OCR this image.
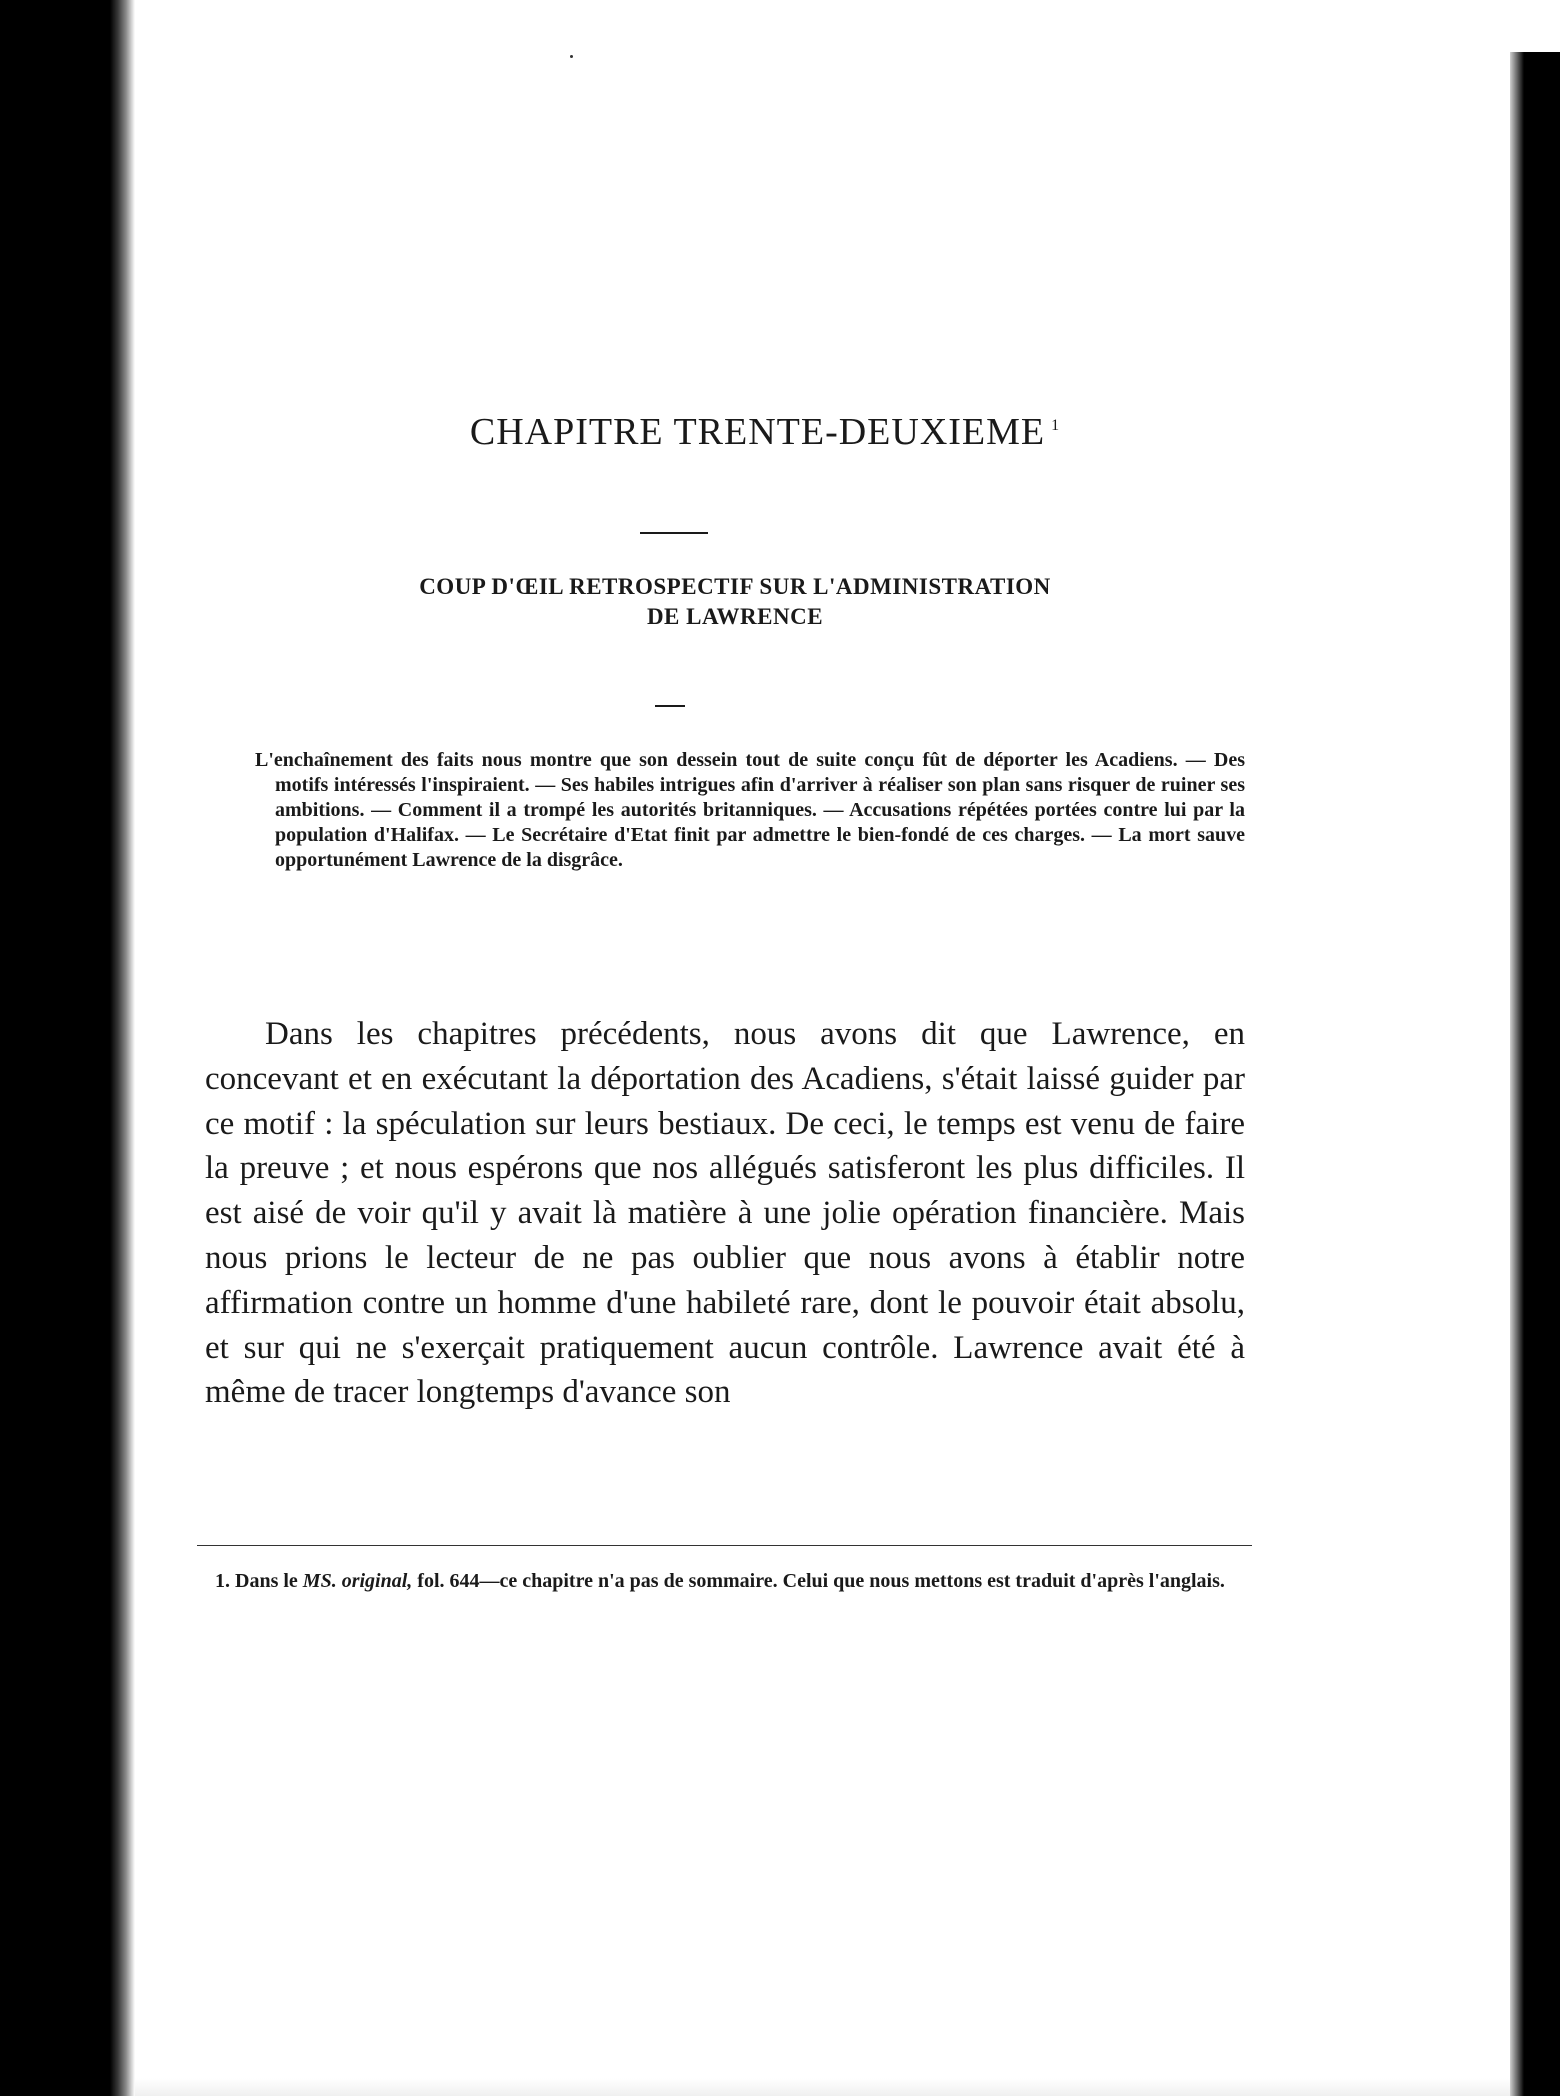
CHAPITRE TRENTE-DEUXIEME $^1$
COUP D'ŒIL RETROSPECTIF SUR L'ADMINISTRATION
DE LAWRENCE
L'enchaînement des faits nous montre que son dessein tout de suite conçu fût de déporter les Acadiens. — Des motifs intéressés l'inspiraient. — Ses habiles intrigues afin d'arriver à réaliser son plan sans risquer de ruiner ses ambitions. — Comment il a trompé les autorités britanniques. — Accusations répétées portées contre lui par la population d'Halifax. — Le Secrétaire d'Etat finit par admettre le bien-fondé de ces charges. — La mort sauve opportunément Lawrence de la disgrâce.
Dans les chapitres précédents, nous avons dit que Lawrence, en concevant et en exécutant la déportation des Acadiens, s'était laissé guider par ce motif : la spéculation sur leurs bestiaux. De ceci, le temps est venu de faire la preuve ; et nous espérons que nos allégués satisferont les plus difficiles. Il est aisé de voir qu'il y avait là matière à une jolie opération financière. Mais nous prions le lecteur de ne pas oublier que nous avons à établir notre affirmation contre un homme d'une habileté rare, dont le pouvoir était absolu, et sur qui ne s'exerçait pratiquement aucun contrôle. Lawrence avait été à même de tracer longtemps d'avance son
1. Dans le MS. original, fol. 644—ce chapitre n'a pas de sommaire. Celui que nous mettons est traduit d'après l'anglais.
